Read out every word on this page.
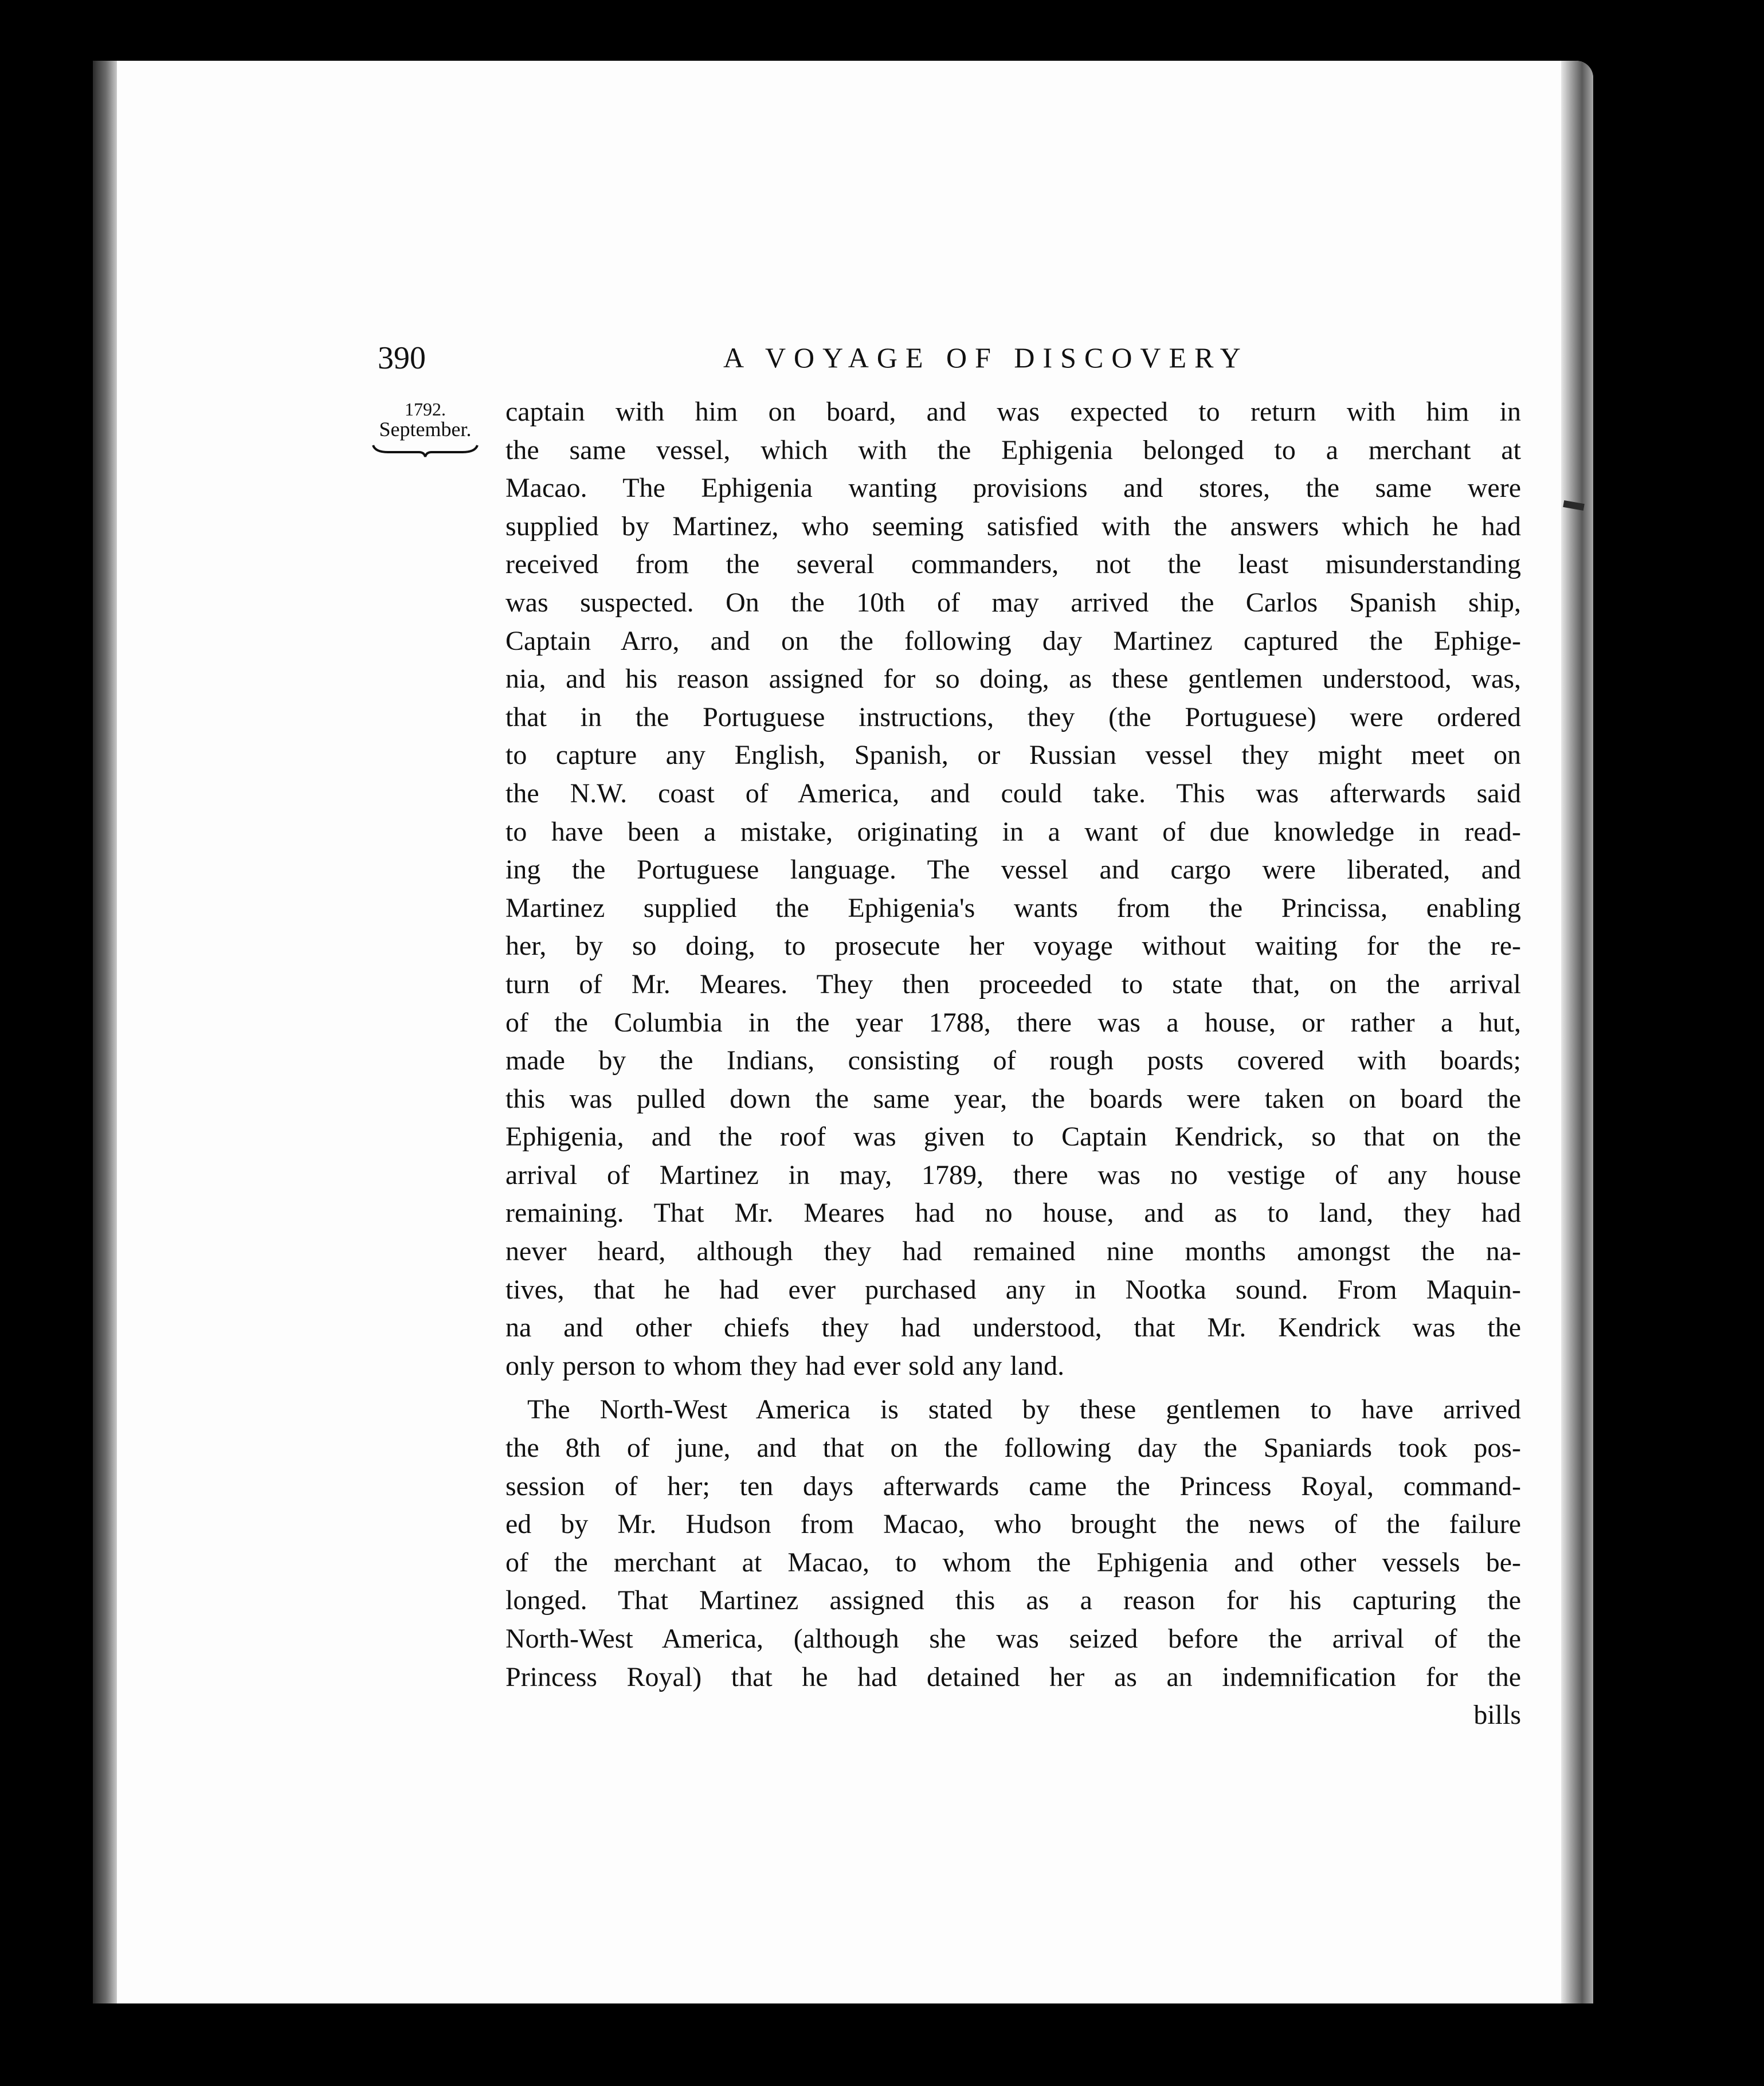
390	A VOYAGE OF DISCOVERY
1792.
September.
captain with him on board, and was expected to return with him in
the same vessel, which with the Ephigenia belonged to a merchant at
Macao. The Ephigenia wanting provisions and stores, the same were
supplied by Martinez, who seeming satisfied with the answers which he had
received from the several commanders, not the least misunderstanding
was suspected. On the 10th of may arrived the Carlos Spanish ship,
Captain Arro, and on the following day Martinez captured the Ephige-
nia, and his reason assigned for so doing, as these gentlemen understood, was,
that in the Portuguese instructions, they (the Portuguese) were ordered
to capture any English, Spanish, or Russian vessel they might meet on
the N.W. coast of America, and could take. This was afterwards said
to have been a mistake, originating in a want of due knowledge in read-
ing the Portuguese language. The vessel and cargo were liberated, and
Martinez supplied the Ephigenia's wants from the Princissa, enabling
her, by so doing, to prosecute her voyage without waiting for the re-
turn of Mr. Meares. They then proceeded to state that, on the arrival
of the Columbia in the year 1788, there was a house, or rather a hut,
made by the Indians, consisting of rough posts covered with boards;
this was pulled down the same year, the boards were taken on board the
Ephigenia, and the roof was given to Captain Kendrick, so that on the
arrival of Martinez in may, 1789, there was no vestige of any house
remaining. That Mr. Meares had no house, and as to land, they had
never heard, although they had remained nine months amongst the na-
tives, that he had ever purchased any in Nootka sound. From Maquin-
na and other chiefs they had understood, that Mr. Kendrick was the
only person to whom they had ever sold any land.
The North-West America is stated by these gentlemen to have arrived
the 8th of june, and that on the following day the Spaniards took pos-
session of her; ten days afterwards came the Princess Royal, command-
ed by Mr. Hudson from Macao, who brought the news of the failure
of the merchant at Macao, to whom the Ephigenia and other vessels be-
longed. That Martinez assigned this as a reason for his capturing the
North-West America, (although she was seized before the arrival of the
Princess Royal) that he had detained her as an indemnification for the
bills
